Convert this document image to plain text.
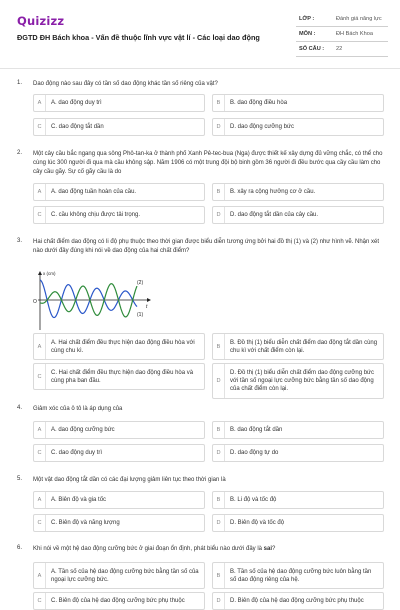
Quizizz
ĐGTD ĐH Bách khoa - Vấn đề thuộc lĩnh vực vật lí - Các loại dao động
LỚP :	Đánh giá năng lực
MÔN :	ĐH Bách Khoa
SỐ CÂU : 22
1. Dao động nào sau đây có tần số dao động khác tần số riêng của vật?
A	A. dao động duy trì	B	B. dao động điều hòa
C	C. dao động tắt dần	D	D. dao động cưỡng bức
2. Một cây cầu bắc ngang qua sông Phô-tan-ka ở thành phố Xanh Pê-tec-bua (Nga) được thiết kế xây dựng đủ vững chắc, có thể cho cùng lúc 300 người đi qua mà cầu không sập. Năm 1906 có một trung đội bộ binh gồm 36 người đi đều bước qua cầy cầu làm cho cây cầu gãy. Sự cố gãy cầu là do
A	A. dao động tuần hoàn của cầu.	B	B. xảy ra cộng hưởng cơ ở cầu.
C	C. cầu không chịu được tải trọng.	D	D. dao động tắt dần của cây cầu.
3. Hai chất điểm dao động có li độ phụ thuộc theo thời gian được biểu diễn tương ứng bởi hai đồ thị (1) và (2) như hình vẽ. Nhận xét nào dưới đây đúng khi nói về dao động của hai chất điểm?
x (cm)
t
O
(2)
(1)
A
A. Hai chất điểm đều thực hiện dao động điều hòa với cùng chu kì.
B
B. Đồ thị (1) biểu diễn chất điểm dao động tắt dần cùng chu kì với chất điểm còn lại.
C
C. Hai chất điểm đều thực hiện dao động điều hòa và cùng pha ban đầu.	D
D. Đồ thị (1) biểu diễn chất điểm dao động cưỡng bức với tần số ngoại lực cưỡng bức bằng tần số dao động của chất điểm còn lại.
4. Giảm xóc của ô tô là áp dụng của
A	A. dao động cưỡng bức	B	B. dao động tắt dần
C	C. dao động duy trì	D	D. dao động tự do
5. Một vật dao động tắt dần có các đại lượng giảm liên tục theo thời gian là
A	A. Biên độ và gia tốc	B	B. Li độ và tốc độ
C	C. Biên độ và năng lượng	D	D. Biên độ và tốc độ
6. Khi nói về một hệ dao động cưỡng bức ở giai đoạn ổn định, phát biểu nào dưới đây là sai?
A
A. Tần số của hệ dao động cưỡng bức bằng tần số của ngoại lực cưỡng bức.
B
B. Tần số của hệ dao động cưỡng bức luôn bằng tần số dao động riêng của hệ.
C	C. Biên độ của hệ dao động cưỡng bức phụ thuộc	D	D. Biên độ của hệ dao động cưỡng bức phụ thuộc
